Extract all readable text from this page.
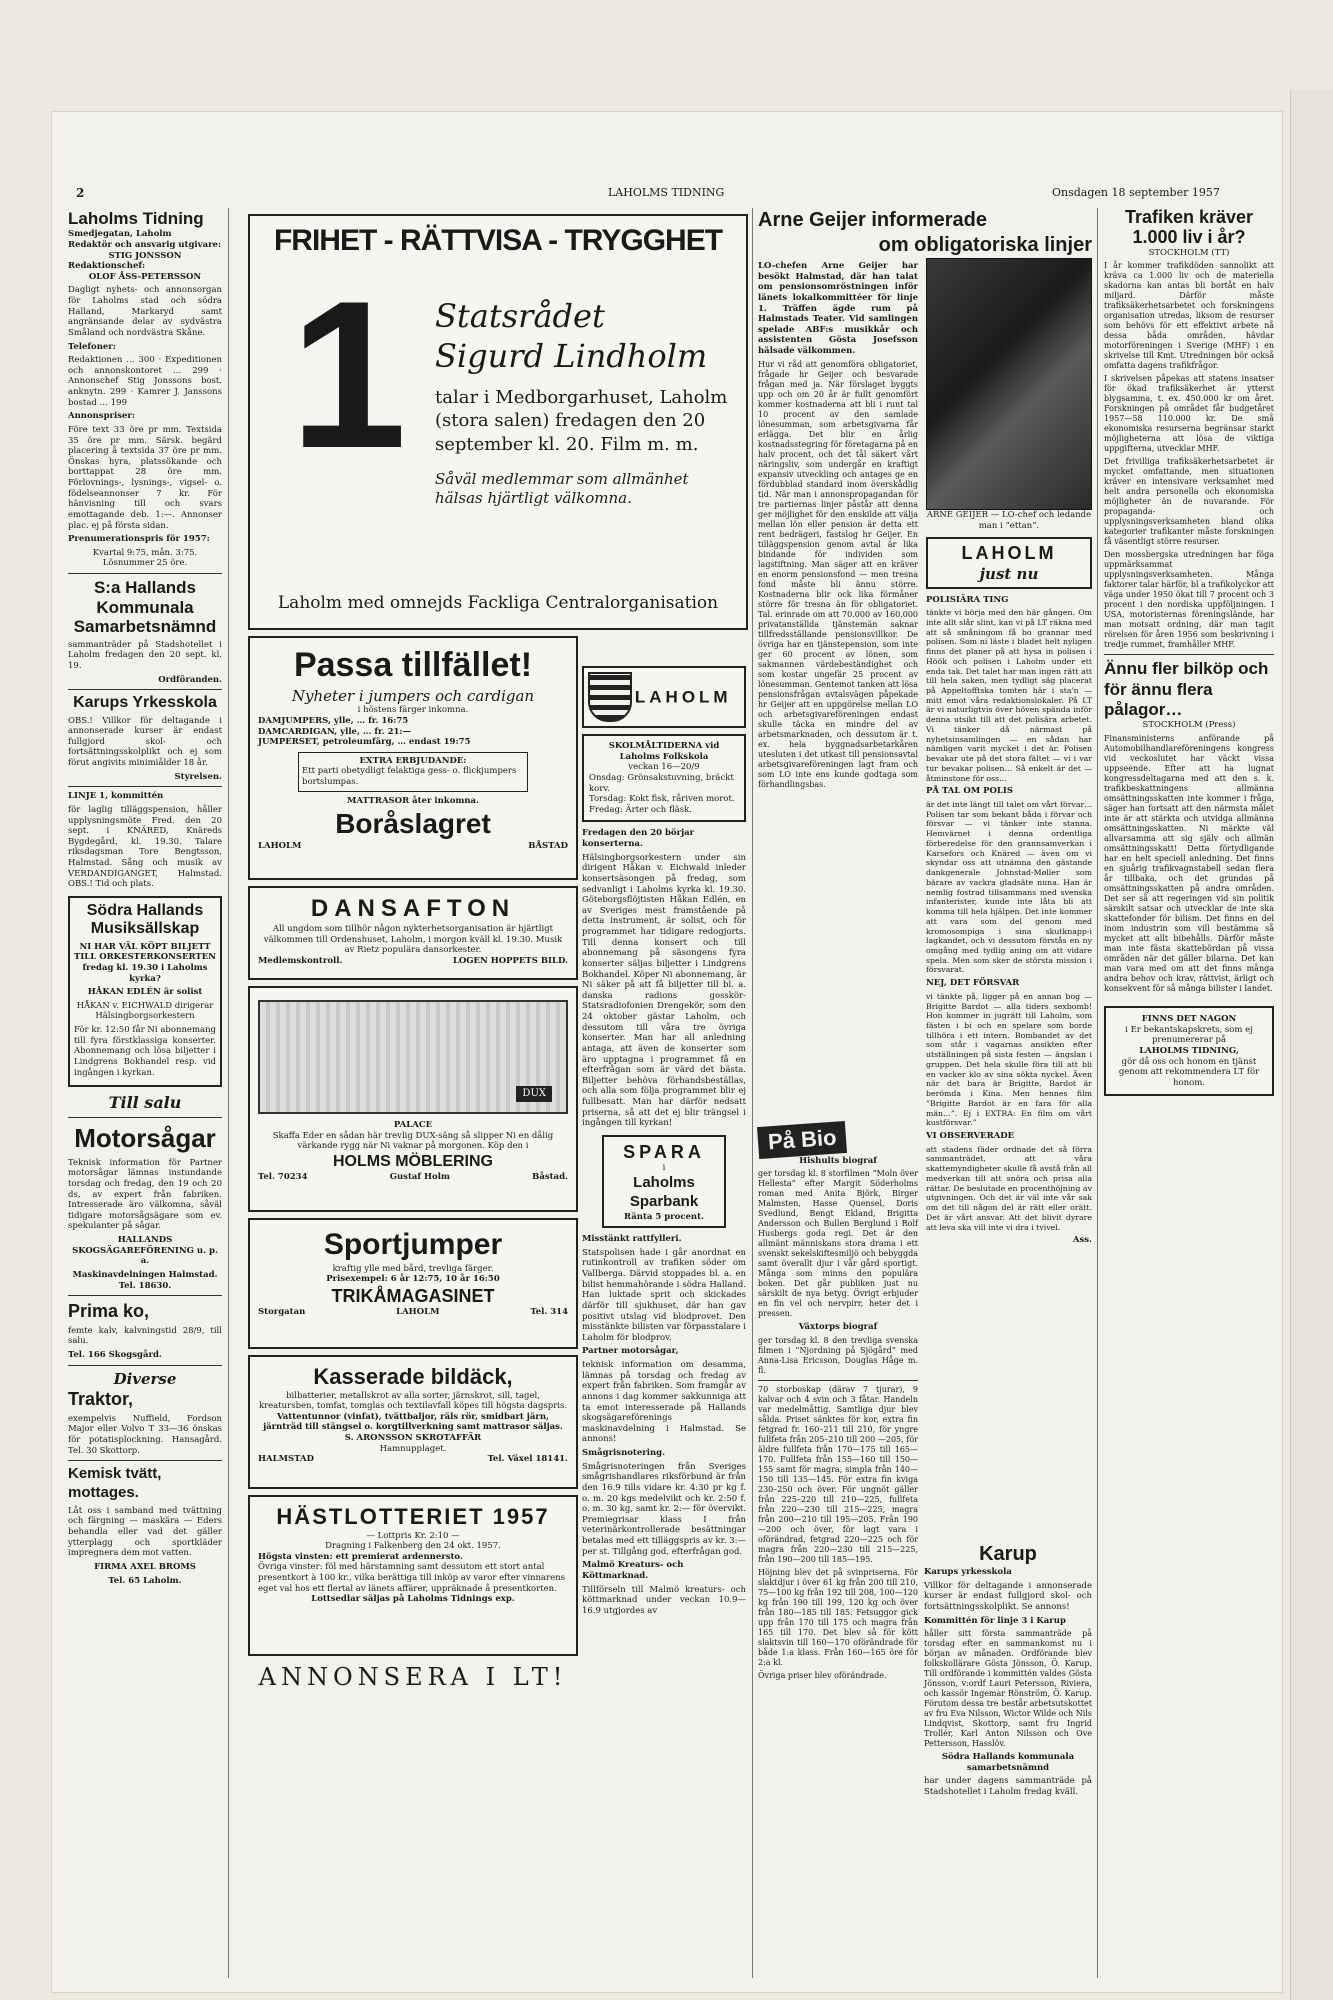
2	LAHOLMS TIDNING	Onsdagen 18 september 1957
Laholms Tidning
Smedjegatan, Laholm
Redaktör och ansvarig utgivare:
STIG JONSSON
Redaktionschef:
OLOF ÅSS-PETERSSON

Dagligt nyhets- och annonsorgan för Laholms stad och södra Halland, Markaryd samt angränsande delar av sydvästra Småland och nordvästra Skåne.

Telefoner:

Redaktionen … 300 · Expeditionen och annonskontoret … 299 · Annonschef Stig Jonssons bost. anknytn. 299 · Kamrer J. Janssons bostad … 199

Annonspriser:

Före text 33 öre pr mm. Textsida 35 öre pr mm. Särsk. begärd placering å textsida 37 öre pr mm. Önskas hyra, platssökande och borttappat 28 öre mm. Förlovnings-, lysnings-, vigsel- o. födelseannonser 7 kr. För hänvisning till och svars emottagande deb. 1:—. Annonser plac. ej på första sidan.

Prenumerationspris för 1957:

Kvartal 9:75, mån. 3:75. Lösnummer 25 öre.

S:a Hallands Kommunala Samarbetsnämnd

sammanträder på Stadshotellet i Laholm fredagen den 20 sept. kl. 19.

Ordföranden.
Karups Yrkesskola

OBS.! Villkor för deltagande i annonserade kurser är endast fullgjord skol- och fortsättningsskolplikt och ej som förut angivits minimiålder 18 år.

Styrelsen.
LINJE 1, kommittén

för laglig tilläggspension, håller upplysningsmöte Fred. den 20 sept. i KNÄRED, Knäreds Bygdegård, kl. 19.30. Talare riksdagsman Tore Bengtsson, Halmstad. Sång och musik av VERDANDIGANGET, Halmstad. OBS.! Tid och plats.

Södra Hallands Musiksällskap

NI HAR VÄL KÖPT BILJETT TILL ORKESTERKONSERTEN fredag kl. 19.30 i Laholms kyrka?

HÅKAN EDLÉN är solist

HÅKAN v. EICHWALD dirigerar Hälsingborgsorkestern

För kr. 12:50 får Ni abonnemang till fyra förstklassiga konserter. Abonnemang och lösa biljetter i Lindgrens Bokhandel resp. vid ingången i kyrkan.

Till salu
Motorsågar

Teknisk information för Partner motorsågar lämnas instundande torsdag och fredag, den 19 och 20 ds, av expert från fabriken. Intresserade äro välkomna, såväl tidigare motorsågsägare som ev. spekulanter på sågar.

HALLANDS SKOGSÄGAREFÖRENING u. p. a.

Maskinavdelningen Halmstad. Tel. 18630.

Prima ko,

femte kalv, kalvningstid 28/9, till salu.

Tel. 166 Skogsgård.

Diverse
Traktor,

exempelvis Nuffield, Fordson Major eller Volvo T 33—36 önskas för potatisplockning. Hansagård. Tel. 30 Skottorp.

Kemisk tvätt, mottages.

Låt oss i samband med tvättning och färgning — maskära — Eders behandla eller vad det gäller ytterplagg och sportkläder impregnera dem mot vatten.

FIRMA AXEL BROMS

Tel. 65 Laholm.

FRIHET - RÄTTVISA - TRYGGHET
1 Statsrådet
Sigurd Lindholm
talar i Medborgarhuset, Laholm (stora salen) fredagen den 20 september kl. 20. Film m. m.
Såväl medlemmar som allmänhet hälsas hjärtligt välkomna.
Laholm med omnejds Fackliga Centralorganisation
Passa tillfället!
Nyheter i jumpers och cardigan
i höstens färger inkomna.
DAMJUMPERS, ylle, … fr. 16:75
DAMCARDIGAN, ylle, … fr. 21:—
JUMPERSET, petroleumfärg, … endast 19:75
EXTRA ERBJUDANDE:
Ett parti obetydligt felaktiga gess- o. flickjumpers bortslumpas.
MATTRASOR åter inkomna.
Boråslagret
LAHOLM	BÅSTAD
DANSAFTON
All ungdom som tillhör någon nykterhetsorganisation är hjärtligt välkommen till Ordenshuset, Laholm, i morgon kväll kl. 19.30. Musik av Rietz populära dansorkester.
Medlemskontroll.	LOGEN HOPPETS BILD.
DUX
PALACE
Skaffa Eder en sådan här trevlig DUX-säng så slipper Ni en dålig värkande rygg när Ni vaknar på morgonen. Köp den i
HOLMS MÖBLERING
Tel. 70234	Gustaf Holm	Båstad.
Sportjumper
kraftig ylle med bård, trevliga färger.
Prisexempel: 6 år 12:75, 10 år 16:50
TRIKÅMAGASINET
Storgatan	LAHOLM	Tel. 314
Kasserade bildäck,
bilbatterier, metallskrot av alla sorter, järnskrot, sill, tagel, kreatursben, tomfat, tomglas och textilavfall köpes till högsta dagspris.
Vattentunnor (vinfat), tvättbaljor, räls rör, smidbart järn, järnträd till stängsel o. korgtillverkning samt mattrasor säljas.
S. ARONSSON SKROTAFFÄR
Hamnupplaget.
HALMSTAD	Tel. Växel 18141.
HÄSTLOTTERIET 1957
— Lottpris Kr. 2:10 —
Dragning i Falkenberg den 24 okt. 1957.
Högsta vinsten: ett premierat ardennersto.
Övriga vinster: föl med härstamning samt dessutom ett stort antal presentkort à 100 kr., vilka berättiga till inköp av varor efter vinnarens eget val hos ett flertal av länets affärer, uppräknade å presentkorten.
Lottsedlar säljas på Laholms Tidnings exp.
ANNONSERA I LT!
LAHOLM
SKOLMÅLTIDERNA vid Laholms Folkskola
veckan 16—20/9
Onsdag: Grönsakstuvning, bräckt korv.
Torsdag: Kokt fisk, råriven morot.
Fredag: Ärter och fläsk.
Fredagen den 20 börjar konserterna.

Hälsingborgsorkestern under sin dirigent Håkan v. Eichwald inleder konsertsäsongen på fredag, som sedvanligt i Laholms kyrka kl. 19.30. Göteborgsflöjtisten Håkan Edlén, en av Sveriges mest framstående på detta instrument, är solist, och för programmet har tidigare redogjorts. Till denna konsert och till abonnemang på säsongens fyra konserter säljas biljetter i Lindgrens Bokhandel. Köper Ni abonnemang, är Ni säker på att få biljetter till bl. a. danska radions gosskör-Statsradiofonien Drengekör, som den 24 oktober gästar Laholm, och dessutom till våra tre övriga konserter. Man har all anledning antaga, att även de konserter som äro upptagna i programmet få en efterfrågan som är värd det bästa. Biljetter behöva förhandsbeställas, och alla som följa programmet blir ej fullbesatt. Man har därför nedsatt priserna, så att det ej blir trängsel i ingången till kyrkan!

SPARA
i
Laholms Sparbank
Ränta 5 procent.
Misstänkt rattfylleri.

Statspolisen hade i går anordnat en rutinkontroll av trafiken söder om Vallberga. Därvid stoppades bl. a. en bilist hemmahörande i södra Halland. Han luktade sprit och skickades därför till sjukhuset, där han gav positivt utslag vid blodprovet. Den misstänkte bilisten var förpasstalare i Laholm för blodprov.

Partner motorsågar,

teknisk information om desamma, lämnas på torsdag och fredag av expert från fabriken. Som framgår av annons i dag kommer sakkunniga att ta emot interesserade på Hallands skogsägareförenings maskinavdelning i Halmstad. Se annons!

Smågrisnotering.

Smågrisnoteringen från Sveriges smågrishandlares riksförbund är från den 16.9 tills vidare kr. 4:30 pr kg f. o. m. 20 kgs medelvikt och kr. 2:50 f. o. m. 30 kg, samt kr. 2:— för övervikt. Premiegrisar klass I från veterinärkontrollerade besättningar betalas med ett tilläggspris av kr. 3:— per st. Tillgång god, efterfrågan god.

Malmö Kreaturs- och Köttmarknad.

Tillförseln till Malmö kreaturs- och köttmarknad under veckan 10.9—16.9 utgjordes av

Arne Geijer informerade
om obligatoriska linjer

LO-chefen Arne Geijer har besökt Halmstad, där han talat om pensionsomröstningen inför länets lokalkommittéer för linje 1. Träffen ägde rum på Halmstads Teater. Vid samlingen spelade ABF:s musikkår och assistenten Gösta Josefsson hälsade välkommen.

Hur vi råd att genomföra obligatoriet, frågade hr Geijer och besvarade frågan med ja. När förslaget byggts upp och om 20 år är fullt genomfört kommer kostnaderna att bli i runt tal 10 procent av den samlade lönesumman, som arbetsgivarna får erlägga. Det blir en årlig kostnadsstegring för företagarna på en halv procent, och det tål säkert vårt näringsliv, som undergår en kraftigt expansiv utveckling och antages ge en fördubblad standard inom överskådlig tid. När man i annonspropagandan för tre partiernas linjer påstår att denna ger möjlighet för den enskilde att välja mellan lön eller pension är detta ett rent bedrägeri, fastslog hr Geijer. En tilläggspension genom avtal är lika bindande för individen som lagstiftning. Man säger att en kräver en enorm pensionsfond — men tresna fond måste bli ännu större. Kostnaderna blir ock lika förmåner större för tresna än för obligatoriet. Tal. erinrade om att 70.000 av 160.000 privatanställda tjänstemän saknar tillfredsställande pensionsvillkor. De övriga har en tjänstepension, som inte ger 60 procent av lönen, som sakmannen värdebeständighet och som kostar ungefär 25 procent av lönesumman. Gentemot tanken att lösa pensionsfrågan avtalsvägen påpekade hr Geijer att en uppgörelse mellan LO och arbetsgivareföreningen endast skulle täcka en mindre del av arbetsmarknaden, och dessutom är t. ex. hela byggnadsarbetarkåren utesluten i det utkast till pensionsavtal arbetsgivareföreningen lagt fram och som LO inte ens kunde godtaga som förhandlingsbas.

ARNE GEIJER — LO-chef och ledande man i ”ettan”.
LAHOLM
just nu
POLISIÄRA TING

tänkte vi börja med den här gången. Om inte allt slår slint, kan vi på LT räkna med att så småningom få bo grannar med polisen. Som ni läste i bladet helt nyligen finns det planer på att hysa in polisen i Höök och polisen i Laholm under ett enda tak. Det talet har man ingen rätt att till hela saken, men tydligt säg placerat på Appeltofftska tomten här i sta'n — mitt emot våra redaktionslokaler. På LT är vi naturligtvis över höven spända inför denna utsikt till att det polisära arbetet. Vi tänker då närmast på nyhetsinsamlingen — en sådan har nämligen varit mycket i det är. Polisen bevakar ute på det stora fältet — vi i var tur bevakar polisen… Så enkelt är det — åtminstone för oss…

PÅ TAL OM POLIS

är det inte längt till talet om vårt förvar… Polisen tar som bekant båda i förvar och försvar — vi tänker inte stanna. Hemvärnet i denna ordentliga förberedelse för den grannsamverkan i Karsefors och Knäred — även om vi skyndar oss att utnämna den gästande dankgenerale Johnstad-Møller som bärare av vackra gladsäte nuna. Han är nemlig fostrad tillsammans med svenska infanterister, kunde inte låta bli att komma till hela hjälpen. Det inte kommer att vara som del genom med kromosompiga i sina skutknapp-i lagkandet, och vi dessutom förstås en ny omgång med tydlig aning om att vidare spela. Men som sker de största mission i försvarat.

NEJ, DET FÖRSVAR

vi tänkte på, ligger på en annan bog — Brigitte Bardot — alla tiders sexbomb! Hon kommer in jugrätt till Laholm, som fästen i bi och en spelare som borde tillhöra i ett intern. Bombandet av det som står i vagarnas ansikten efter utställningen på sista festen — ängslan i gruppen. Det hela skulle föra till att bli en vacker klo av sina sökta nyckel. Även när det bara är Brigitte, Bardot är berömda i Kina. Men hennes film ”Brigitte Bardot är en fara för alla män…”. Ej i EXTRA: En film om vårt kustförsvar.”

VI OBSERVERADE

att stadens fäder ordnade det så förra sammanträdet, att våra skattemyndigheter skulle få avstå från all medverkan till att snöra och prisa alla rättar. De beslutade en procenthöjning av utgivningen. Och det är väl inte vår sak om det till någon del är rätt eller orätt. Det är vårt ansvar. Att det blivit dyrare att leva ska vill inte vi dra i tvivel.

Ass.
På Bio
Hishults biograf

ger torsdag kl. 8 storfilmen ”Moln över Hellesta” efter Margit Söderholms roman med Anita Björk, Birger Malmsten, Hasse Quensel, Doris Svedlund, Bengt Ekland, Brigitta Andersson och Bullen Berglund i Rolf Husbergs goda regi. Det är den allmänt människans stora drama i ett svenskt sekelskiftesmiljö och bebyggda samt överallt djur i vår gård sportigt. Många som minns den populära boken. Det går publiken just nu särskilt de nya betyg. Övrigt erbjuder en fin vel och nervpirr, heter det i pressen.

Växtorps biograf

ger torsdag kl. 8 den trevliga svenska filmen i ”Njordning på Sjögård” med Anna-Lisa Ericsson, Douglas Håge m. fl.

70 storboskap (därav 7 tjurar), 9 kalvar och 4 svin och 3 fåtar. Handeln var medelmåttig. Samtliga djur blev sålda. Priset sänktes för kor, extra fin fetgrad fr. 160–211 till 210, för yngre fullfeta från 205–210 till 200 —205, för äldre fullfeta från 170—175 till 165—170. Fullfeta från 155—160 till 150—155 samt för magra, simpla från 140—150 till 135—145. För extra fin kviga 230–250 och över. För ungnöt gäller från 225–220 till 210—225, fullfeta från 220—230 till 215—225, magra från 200—210 till 195—205. Från 190—200 och över, för lagt vara i oförändrad, fetgrad 220—225 och för magra från 220—230 till 215—225, från 190—200 till 185—195.

Höjning blev det på svinpriserna. För slaktdjur i över 61 kg från 200 till 210, 75—100 kg från 192 till 208, 100—120 kg från 190 till 199, 120 kg och över från 180—185 till 185. Fetsuggor gick upp från 170 till 175 och magra från 165 till 170. Det blev så för kött slaktsvin till 160—170 oförändrade för både 1:a klass. Från 160—165 öre för 2:a kl.

Övriga priser blev oförändrade.

Karup
Karups yrkesskola

Villkor för deltagande i annonserade kurser är endast fullgjord skol- och fortsättningsskolplikt. Se annons!

Kommittén för linje 3 i Karup

håller sitt första sammanträde på torsdag efter en sammankomst nu i början av månaden. Ordförande blev folkskollärare Gösta Jönsson, Ö. Karup. Till ordförande i kommittén valdes Gösta Jönsson, v:ordf Lauri Petersson, Riviera, och kassör Ingemar Rönström, Ö. Karup. Förutom dessa tre består arbetsutskottet av fru Eva Nilsson, Wictor Wilde och Nils Lindqvist, Skottorp, samt fru Ingrid Trollér, Karl Anton Nilsson och Ove Pettersson, Hasslöv.

Södra Hallands kommunala samarbetsnämnd

har under dagens sammanträde på Stadshotellet i Laholm fredag kväll.

Trafiken kräver 1.000 liv i år?
STOCKHOLM (TT)

I år kommer trafikdöden sannolikt att kräva ca 1.000 liv och de materiella skadorna kan antas bli bortåt en halv miljard. Därför måste trafiksäkerhetsarbetet och forskningens organisation utredas, liksom de resurser som behövs för ett effektivt arbete nå dessa båda områden, hävdar motorföreningen i Sverige (MHF) i en skrivelse till Kmt. Utredningen bör också omfatta dagens trafikfrågor.

I skrivelsen påpekas att statens insatser för ökad trafiksäkerhet är ytterst blygsamma, t. ex. 450.000 kr om året. Forskningen på området får budgetåret 1957—58 110.000 kr. De små ekonomiska resurserna begränsar starkt möjligheterna att lösa de viktiga uppgifterna, utvecklar MHF.

Det frivilliga trafiksäkerhetsarbetet är mycket omfattande, men situationen kräver en intensivare verksamhet med helt andra personella och ekonomiska möjligheter än de nuvarande. För propaganda- och upplysningsverksamheten bland olika kategorier trafikanter måste forskningen få väsentligt större resurser.

Den mossbergska utredningen har föga uppmärksammat upplysningsverksamheten. Många faktorer talar härför, bl a trafikolyckor att väga under 1950 ökat till 7 procent och 3 procent i den nordiska uppföljningen. I USA, motoristernas föreningslände, har man motsatt ordning, där man tagit rörelsen för åren 1956 som beskrivning i tredje rummet, framhåller MHF.

Ännu fler bilköp och för ännu flera pålagor…
STOCKHOLM (Press)

Finansministerns anförande på Automobilhandlareföreningens kongress vid veckoslutet har väckt vissa uppseende. Efter att ha lugnat kongressdeltagarna med att den s. k. trafikbeskattningens allmänna omsättningsskatten inte kommer i fråga, säger han fortsatt att den närmsta målet inte är att stärkta och utvidga allmänna omsättningsskatten. Ni märkte väl allvarsamma att sig själv och allmän omsättningsskatt! Detta förtydligande har en helt speciell anledning. Det finns en sjuårig trafikvagnstabell sedan flera år tillbaka, och det grundas på omsättningsskatten på andra områden. Det ser så att regeringen vid sin politik särskilt satsar och utvecklar de inte ska skattefonder för bilism. Det finns en del inom industrin som vill bestämma så mycket att allt bibehålls. Därför måste man inte fästa skattebördan på vissa områden när det gäller bilarna. Det kan man vara med om att det finns många andra behov och krav, rättvist, ärligt och konsekvent för så många bilister i landet.

FINNS DET NAGON
i Er bekantskapskrets, som ej prenumererar på
LAHOLMS TIDNING,
gör då oss och honom en tjänst genom att rekommendera LT för honom.
